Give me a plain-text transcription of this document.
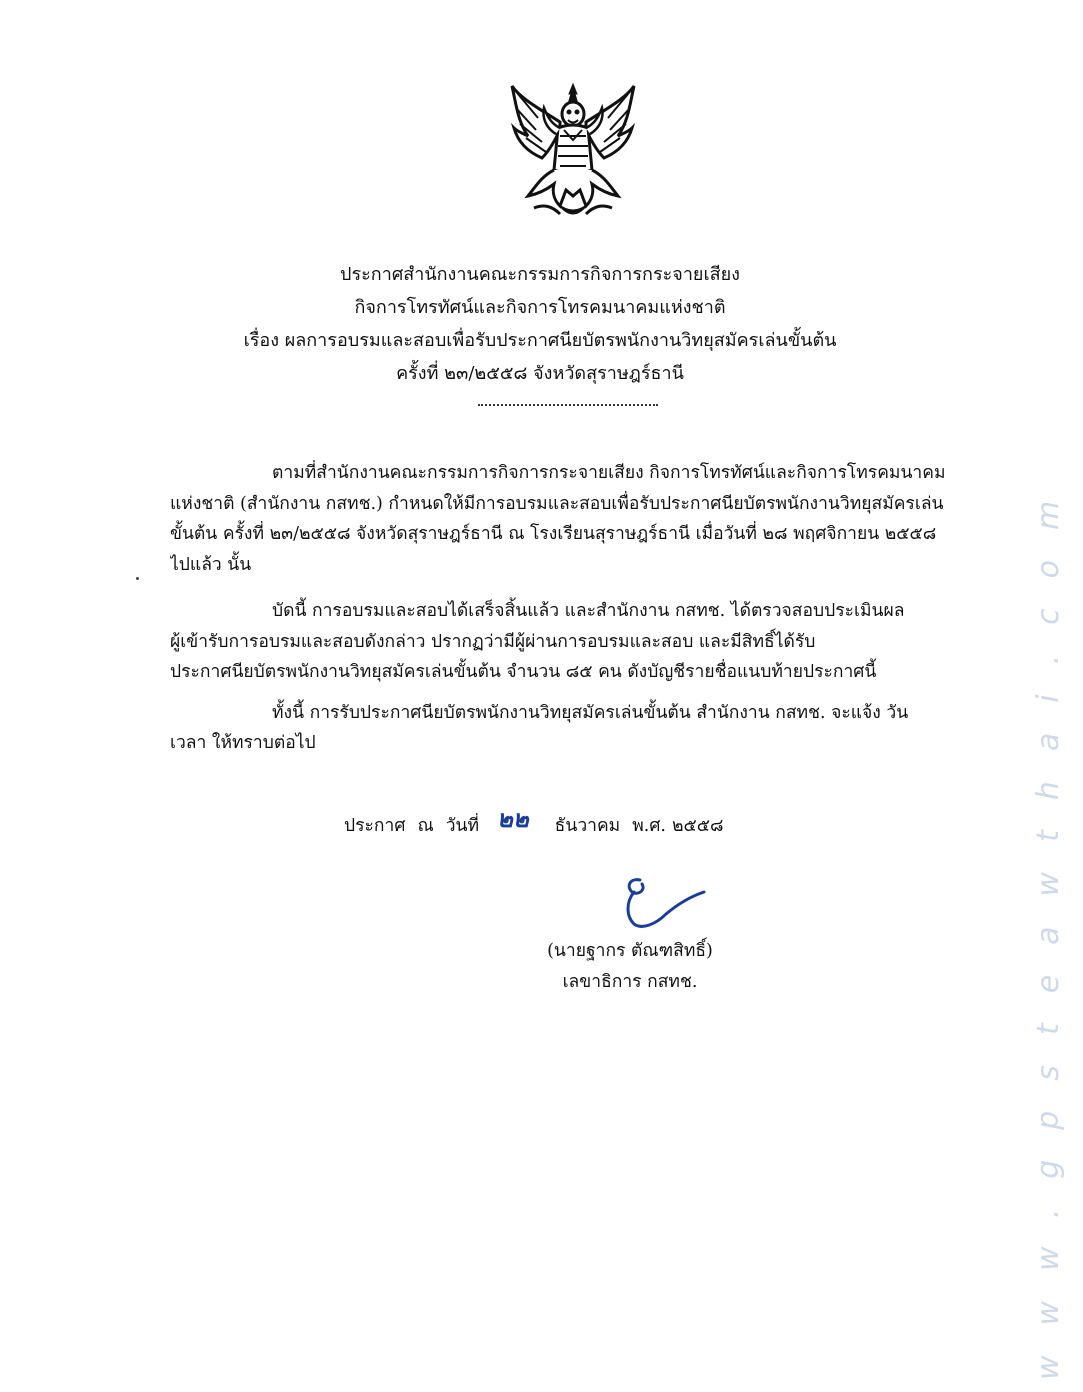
ประกาศสำนักงานคณะกรรมการกิจการกระจายเสียง
กิจการโทรทัศน์และกิจการโทรคมนาคมแห่งชาติ
เรื่อง ผลการอบรมและสอบเพื่อรับประกาศนียบัตรพนักงานวิทยุสมัครเล่นขั้นต้น
ครั้งที่ ๒๓/๒๕๕๘ จังหวัดสุราษฎร์ธานี
ตามที่สำนักงานคณะกรรมการกิจการกระจายเสียง กิจการโทรทัศน์และกิจการโทรคมนาคม
แห่งชาติ (สำนักงาน กสทช.) กำหนดให้มีการอบรมและสอบเพื่อรับประกาศนียบัตรพนักงานวิทยุสมัครเล่น
ขั้นต้น ครั้งที่ ๒๓/๒๕๕๘ จังหวัดสุราษฎร์ธานี ณ โรงเรียนสุราษฎร์ธานี เมื่อวันที่ ๒๘ พฤศจิกายน ๒๕๕๘
ไปแล้ว นั้น
บัดนี้ การอบรมและสอบได้เสร็จสิ้นแล้ว และสำนักงาน กสทช. ได้ตรวจสอบประเมินผล
ผู้เข้ารับการอบรมและสอบดังกล่าว ปรากฏว่ามีผู้ผ่านการอบรมและสอบ และมีสิทธิ์ได้รับ
ประกาศนียบัตรพนักงานวิทยุสมัครเล่นขั้นต้น จำนวน ๘๕ คน ดังบัญชีรายชื่อแนบท้ายประกาศนี้
ทั้งนี้ การรับประกาศนียบัตรพนักงานวิทยุสมัครเล่นขั้นต้น สำนักงาน กสทช. จะแจ้ง วัน
เวลา ให้ทราบต่อไป
ประกาศ ณ วันที่ ๒๒ ธันวาคม พ.ศ. ๒๕๕๘
(นายฐากร ตัณฑสิทธิ์)
เลขาธิการ กสทช.	www.gpsteawthai.com
